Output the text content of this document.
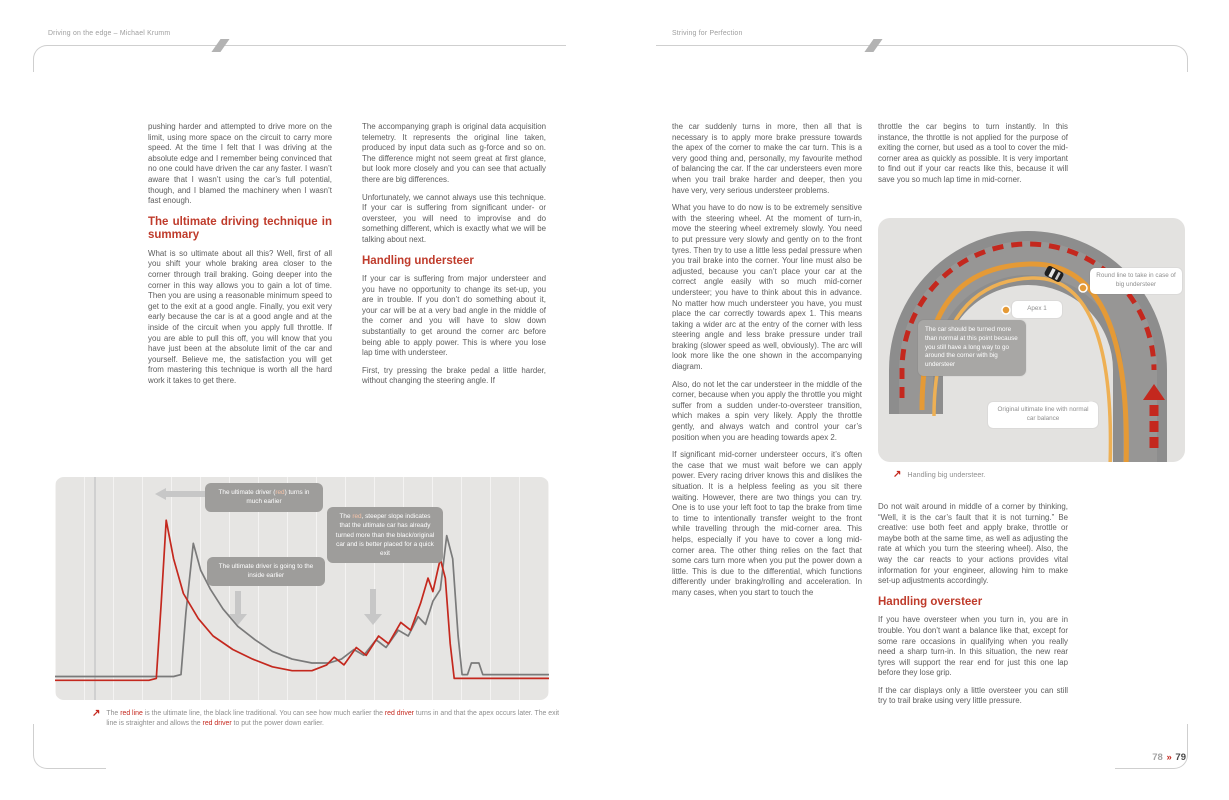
Driving on the edge – Michael Krumm	Striving for Perfection

pushing harder and attempted to drive more on the limit, using more space on the circuit to carry more speed. At the time I felt that I was driving at the absolute edge and I remember being convinced that no one could have driven the car any faster. I wasn’t aware that I wasn’t using the car’s full potential, though, and I blamed the machinery when I wasn’t fast enough.

The ultimate driving technique in summary

What is so ultimate about all this? Well, first of all you shift your whole braking area closer to the corner through trail braking. Going deeper into the corner in this way allows you to gain a lot of time. Then you are using a reasonable minimum speed to get to the exit at a good angle. Finally, you exit very early because the car is at a good angle and at the inside of the circuit when you apply full throttle. If you are able to pull this off, you will know that you have just been at the absolute limit of the car and yourself. Believe me, the satisfaction you will get from mastering this technique is worth all the hard work it takes to get there.

The accompanying graph is original data acquisition telemetry. It represents the original line taken, produced by input data such as g-force and so on. The difference might not seem great at first glance, but look more closely and you can see that actually there are big differences.

Unfortunately, we cannot always use this technique. If your car is suffering from significant under- or oversteer, you will need to improvise and do something different, which is exactly what we will be talking about next.

Handling understeer

If your car is suffering from major understeer and you have no opportunity to change its set-up, you are in trouble. If you don’t do something about it, your car will be at a very bad angle in the middle of the corner and you will have to slow down substantially to get around the corner arc before being able to apply power. This is where you lose lap time with understeer.

First, try pressing the brake pedal a little harder, without changing the steering angle. If

the car suddenly turns in more, then all that is necessary is to apply more brake pressure towards the apex of the corner to make the car turn. This is a very good thing and, personally, my favourite method of balancing the car. If the car understeers even more when you trail brake harder and deeper, then you have very, very serious understeer problems.

What you have to do now is to be extremely sensitive with the steering wheel. At the moment of turn-in, move the steering wheel extremely slowly. You need to put pressure very slowly and gently on to the front tyres. Then try to use a little less pedal pressure when you trail brake into the corner. Your line must also be adjusted, because you can’t place your car at the correct angle easily with so much mid-corner understeer; you have to think about this in advance. No matter how much understeer you have, you must place the car correctly towards apex 1. This means taking a wider arc at the entry of the corner with less steering angle and less brake pressure under trail braking (slower speed as well, obviously). The arc will look more like the one shown in the accompanying diagram.

Also, do not let the car understeer in the middle of the corner, because when you apply the throttle you might suffer from a sudden under-to-oversteer transition, which makes a spin very likely. Apply the throttle gently, and always watch and control your car’s position when you are heading towards apex 2.

If significant mid-corner understeer occurs, it’s often the case that we must wait before we can apply power. Every racing driver knows this and dislikes the situation. It is a helpless feeling as you sit there waiting. However, there are two things you can try. One is to use your left foot to tap the brake from time to time to intentionally transfer weight to the front while travelling through the mid-corner area. This helps, especially if you have to cover a long mid-corner area. The other thing relies on the fact that some cars turn more when you put the power down a little. This is due to the differential, which functions differently under braking/rolling and acceleration. In many cases, when you start to touch the

throttle the car begins to turn instantly. In this instance, the throttle is not applied for the purpose of exiting the corner, but used as a tool to cover the mid-corner area as quickly as possible. It is very important to find out if your car reacts like this, because it will save you so much lap time in mid-corner.

Do not wait around in middle of a corner by thinking, “Well, it is the car’s fault that it is not turning.” Be creative: use both feet and apply brake, throttle or maybe both at the same time, as well as adjusting the rate at which you turn the steering wheel). Also, the way the car reacts to your actions provides vital information for your engineer, allowing him to make set-up adjustments accordingly.

Handling oversteer

If you have oversteer when you turn in, you are in trouble. You don’t want a balance like that, except for some rare occasions in qualifying when you really need a sharp turn-in. In this situation, the new rear tyres will support the rear end for just this one lap before they lose grip.

If the car displays only a little oversteer you can still try to trail brake using very little pressure.

The ultimate driver (red) turns in much earlier
The red, steeper slope indicates that the ultimate car has already turned more than the black/original car and is better placed for a quick exit
The ultimate driver is going to the inside earlier
↗ The red line is the ultimate line, the black line traditional. You can see how much earlier the red driver turns in and that the apex occurs later. The exit line is straighter and allows the red driver to put the power down earlier.
Round line to take in case of big understeer
Apex 1
The car should be turned more than normal at this point because you still have a long way to go around the corner with big understeer
Original ultimate line with normal car balance
↗ Handling big understeer.
78 » 79
